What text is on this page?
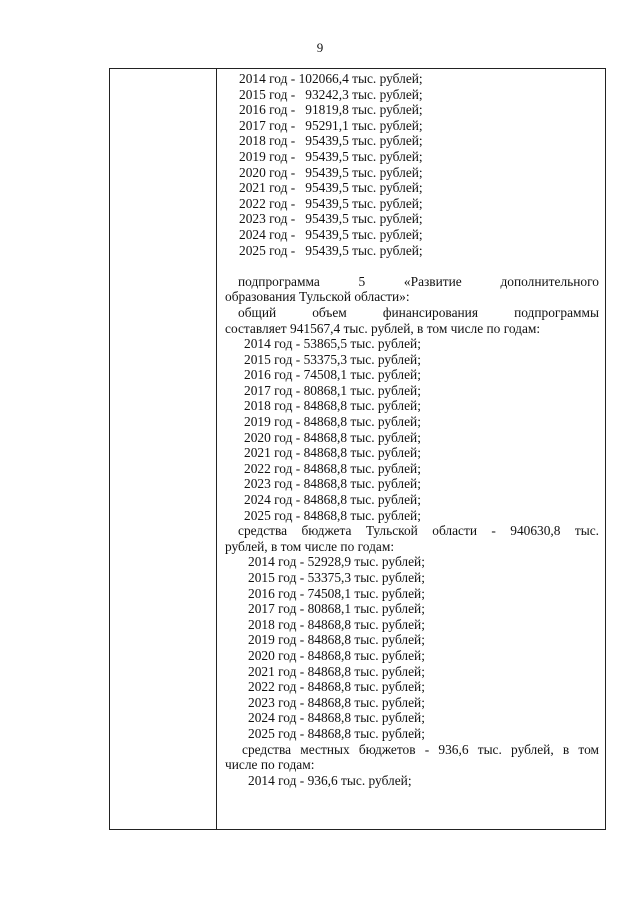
9
2014 год - 102066,4 тыс. рублей;
2015 год -   93242,3 тыс. рублей;
2016 год -   91819,8 тыс. рублей;
2017 год -   95291,1 тыс. рублей;
2018 год -   95439,5 тыс. рублей;
2019 год -   95439,5 тыс. рублей;
2020 год -   95439,5 тыс. рублей;
2021 год -   95439,5 тыс. рублей;
2022 год -   95439,5 тыс. рублей;
2023 год -   95439,5 тыс. рублей;
2024 год -   95439,5 тыс. рублей;
2025 год -   95439,5 тыс. рублей;
подпрограмма	5	«Развитие	дополнительного
образования Тульской области»:
общий	объем	финансирования	подпрограммы
составляет 941567,4 тыс. рублей, в том числе по годам:
2014 год - 53865,5 тыс. рублей;
2015 год - 53375,3 тыс. рублей;
2016 год - 74508,1 тыс. рублей;
2017 год - 80868,1 тыс. рублей;
2018 год - 84868,8 тыс. рублей;
2019 год - 84868,8 тыс. рублей;
2020 год - 84868,8 тыс. рублей;
2021 год - 84868,8 тыс. рублей;
2022 год - 84868,8 тыс. рублей;
2023 год - 84868,8 тыс. рублей;
2024 год - 84868,8 тыс. рублей;
2025 год - 84868,8 тыс. рублей;
средства бюджета Тульской области - 940630,8 тыс.
рублей, в том числе по годам:
2014 год - 52928,9 тыс. рублей;
2015 год - 53375,3 тыс. рублей;
2016 год - 74508,1 тыс. рублей;
2017 год - 80868,1 тыс. рублей;
2018 год - 84868,8 тыс. рублей;
2019 год - 84868,8 тыс. рублей;
2020 год - 84868,8 тыс. рублей;
2021 год - 84868,8 тыс. рублей;
2022 год - 84868,8 тыс. рублей;
2023 год - 84868,8 тыс. рублей;
2024 год - 84868,8 тыс. рублей;
2025 год - 84868,8 тыс. рублей;
средства местных бюджетов - 936,6 тыс. рублей, в том
числе по годам:
2014 год - 936,6 тыс. рублей;
